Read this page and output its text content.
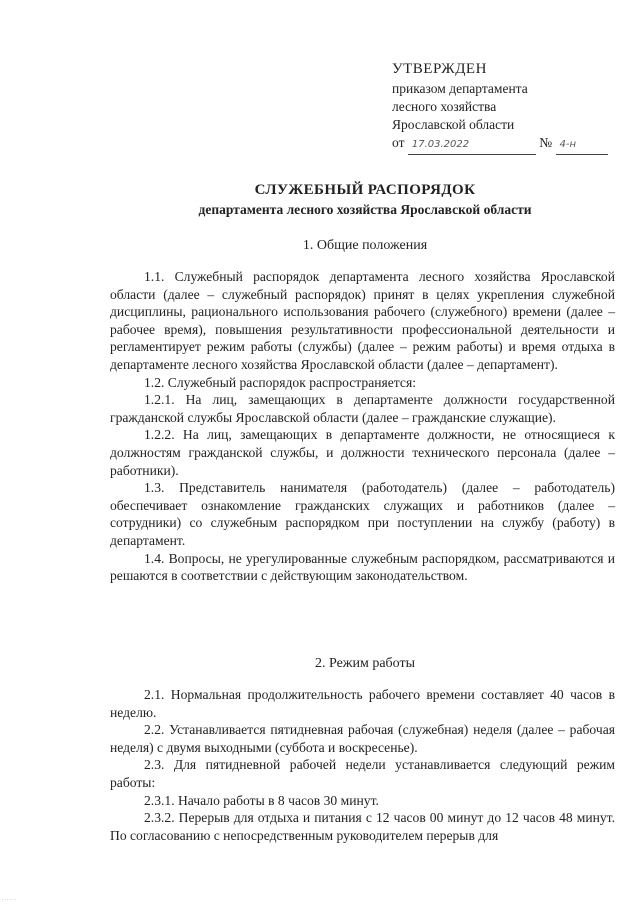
УТВЕРЖДЕН
приказом департамента
лесного хозяйства
Ярославской области
от 17.03.2022	№ 4-н
СЛУЖЕБНЫЙ РАСПОРЯДОК
департамента лесного хозяйства Ярославской области
1. Общие положения

1.1. Служебный распорядок департамента лесного хозяйства Ярославской области (далее – служебный распорядок) принят в целях укрепления служебной дисциплины, рационального использования рабочего (служебного) времени (далее – рабочее время), повышения результативности профессиональной деятельности и регламентирует режим работы (службы) (далее – режим работы) и время отдыха в департаменте лесного хозяйства Ярославской области (далее – департамент).

1.2. Служебный распорядок распространяется:

1.2.1. На лиц, замещающих в департаменте должности государственной гражданской службы Ярославской области (далее – гражданские служащие).

1.2.2. На лиц, замещающих в департаменте должности, не относящиеся к должностям гражданской службы, и должности технического персонала (далее – работники).

1.3. Представитель нанимателя (работодатель) (далее – работодатель) обеспечивает ознакомление гражданских служащих и работников (далее – сотрудники) со служебным распорядком при поступлении на службу (работу) в департамент.

1.4. Вопросы, не урегулированные служебным распорядком, рассматриваются и решаются в соответствии с действующим законодательством.

2. Режим работы

2.1. Нормальная продолжительность рабочего времени составляет 40 часов в неделю.

2.2. Устанавливается пятидневная рабочая (служебная) неделя (далее – рабочая неделя) с двумя выходными (суббота и воскресенье).

2.3. Для пятидневной рабочей недели устанавливается следующий режим работы:

2.3.1. Начало работы в 8 часов 30 минут.

2.3.2. Перерыв для отдыха и питания с 12 часов 00 минут до 12 часов 48 минут. По согласованию с непосредственным руководителем перерыв для

......
